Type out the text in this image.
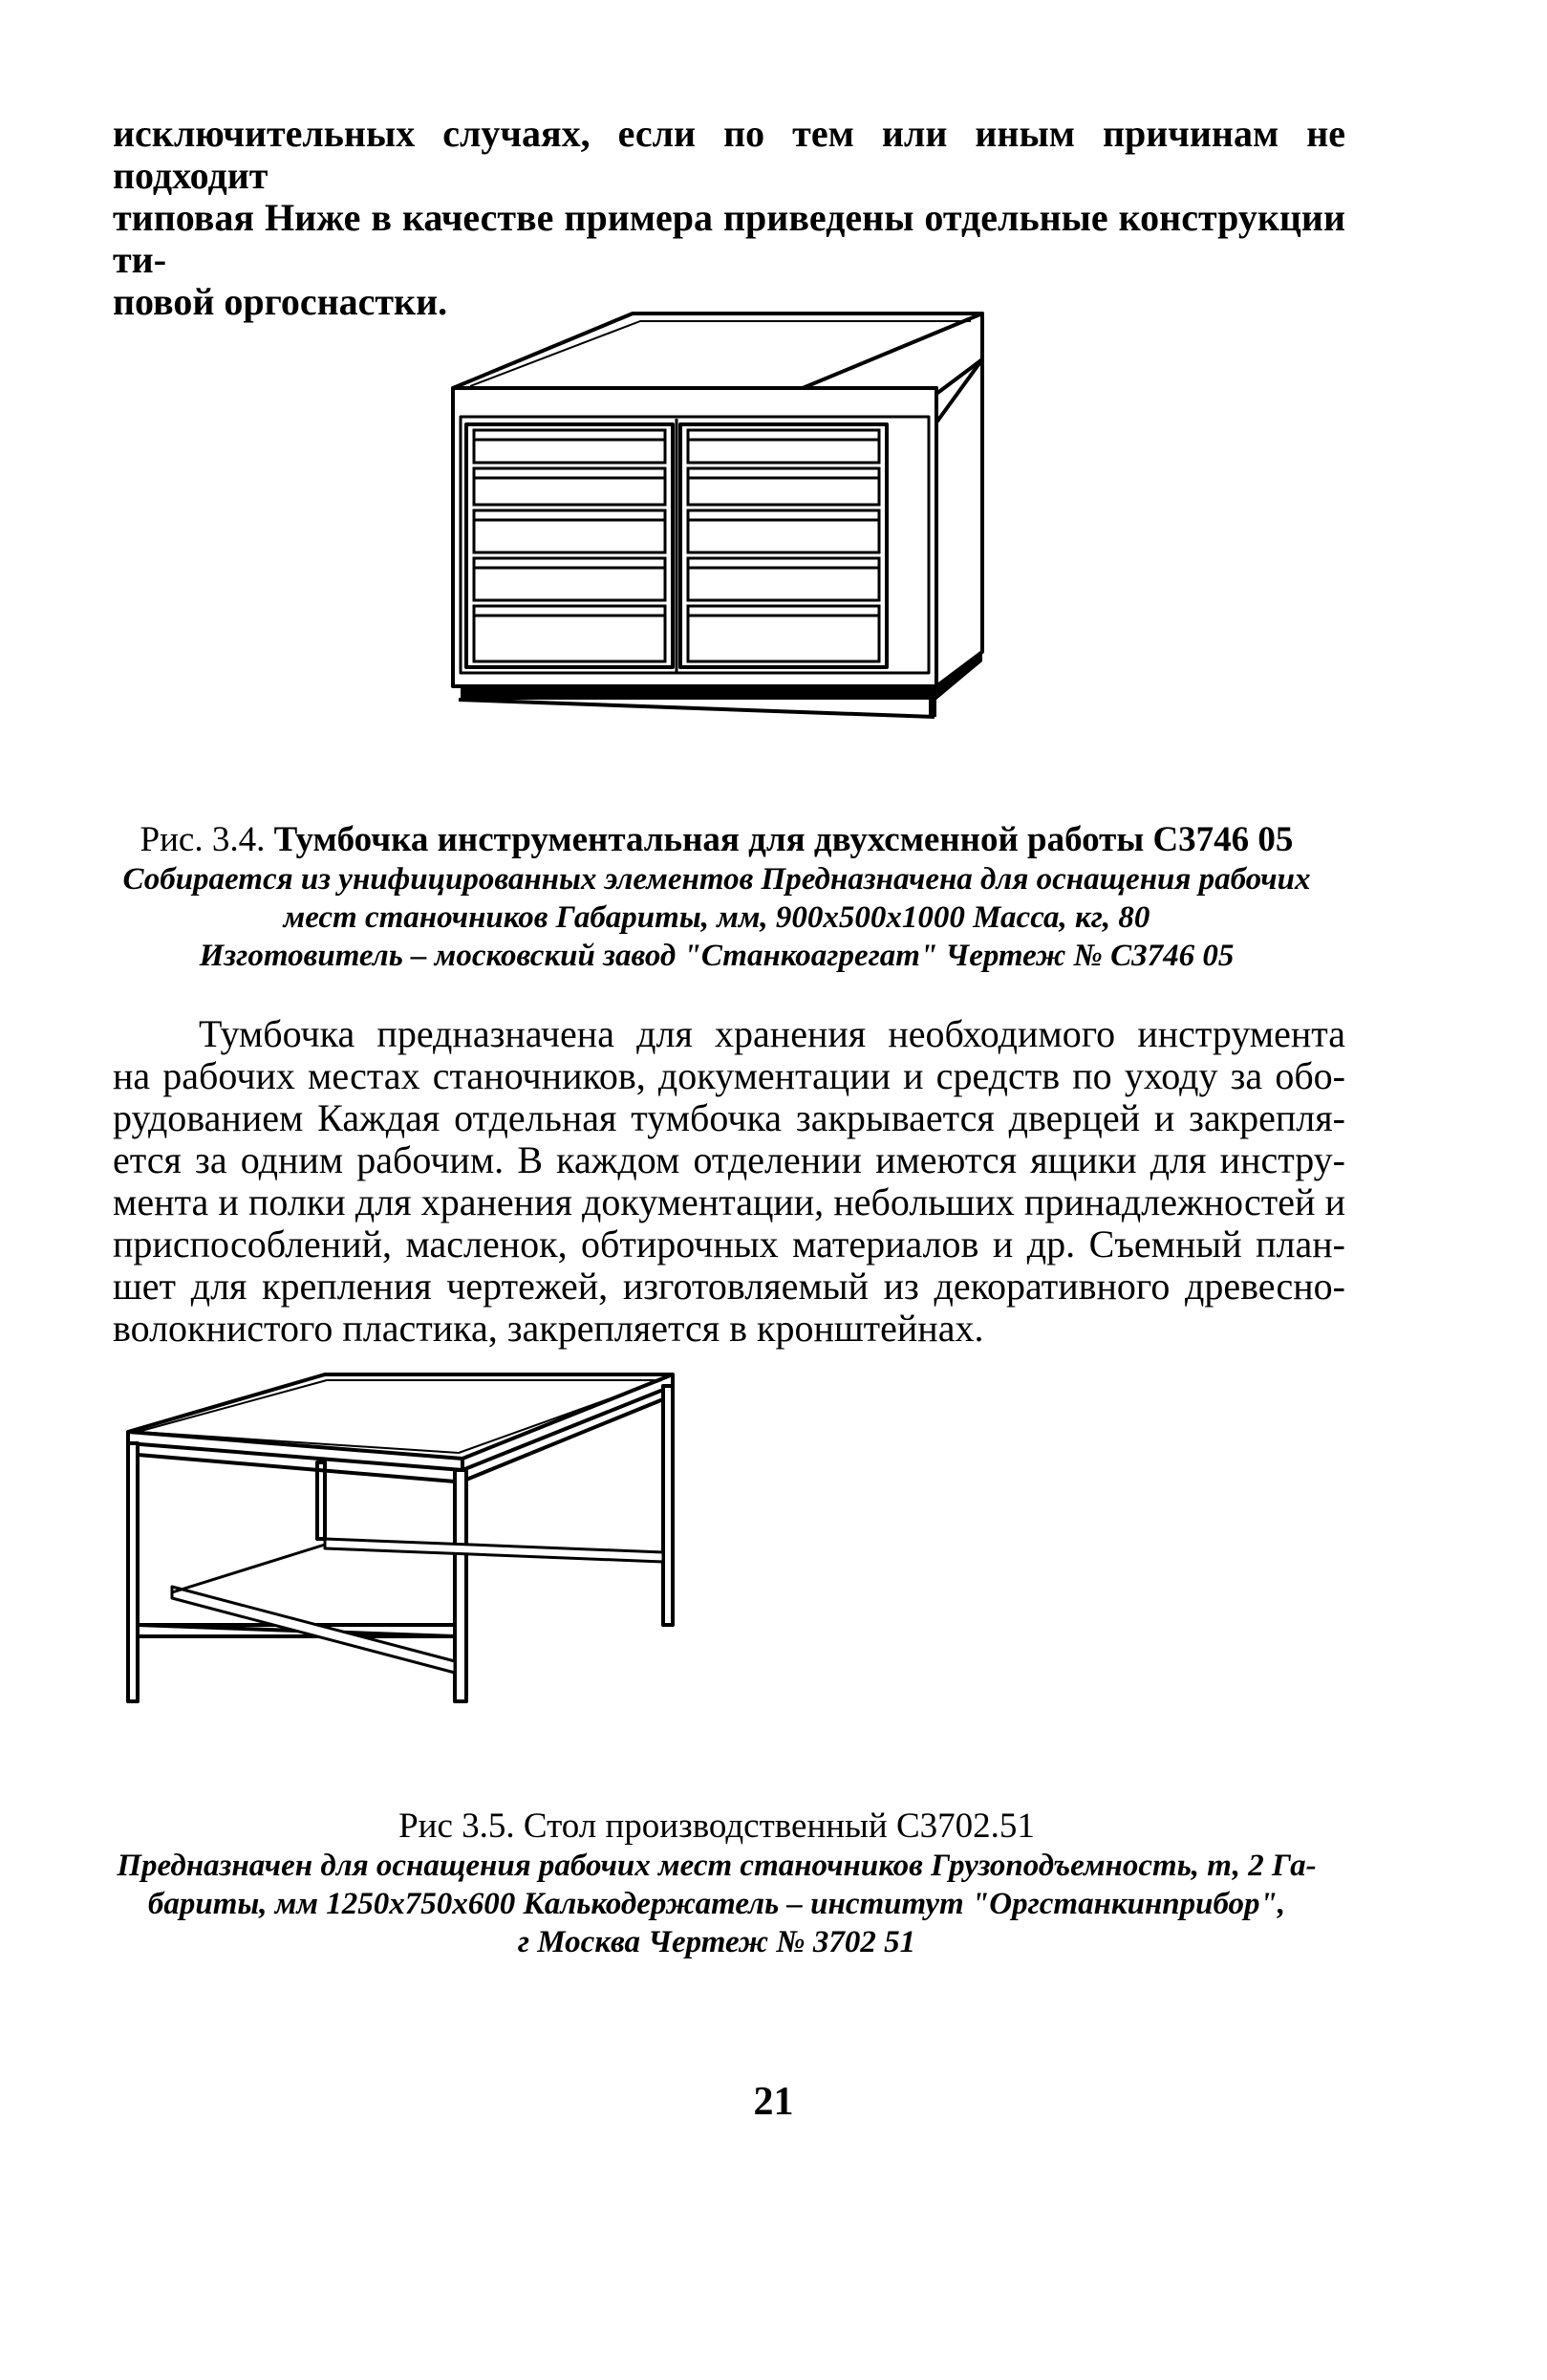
исключительных случаях, если по тем или иным причинам не подходит
типовая Ниже в качестве примера приведены отдельные конструкции ти-
повой оргоснастки.
Рис. 3.4. Тумбочка инструментальная для двухсменной работы С3746 05
Собирается из унифицированных элементов Предназначена для оснащения рабочих
мест станочников Габариты, мм, 900х500х1000 Масса, кг, 80
Изготовитель – московский завод "Станкоагрегат" Чертеж № С3746 05
Тумбочка предназначена для хранения необходимого инструмента
на рабочих местах станочников, документации и средств по уходу за обо-
рудованием Каждая отдельная тумбочка закрывается дверцей и закрепля-
ется за одним рабочим. В каждом отделении имеются ящики для инстру-
мента и полки для хранения документации, небольших принадлежностей и
приспособлений, масленок, обтирочных материалов и др. Съемный план-
шет для крепления чертежей, изготовляемый из декоративного древесно-
волокнистого пластика, закрепляется в кронштейнах.
Рис 3.5. Стол производственный С3702.51
Предназначен для оснащения рабочих мест станочников Грузоподъемность, т, 2 Га-
бариты, мм 1250х750х600 Калькодержатель – институт "Оргстанкинприбор",
г Москва Чертеж № 3702 51
21
